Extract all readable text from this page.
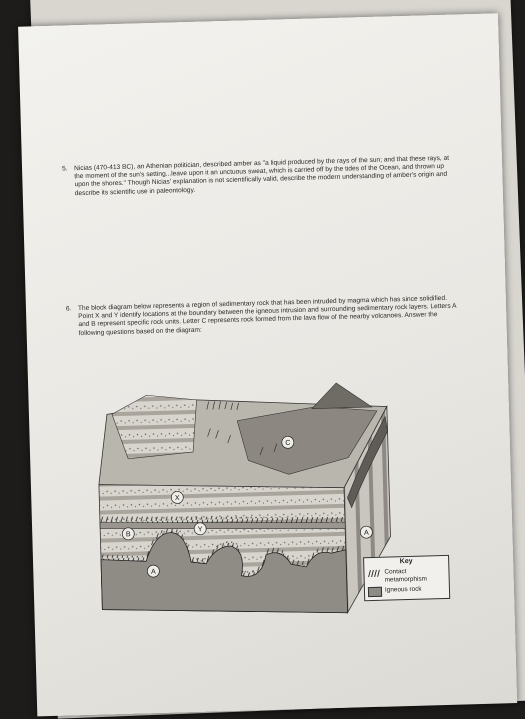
5. Nicias (470-413 BC), an Athenian politician, described amber as "a liquid produced by the rays of the sun; and that these rays, at the moment of the sun's setting...leave upon it an unctuous sweat, which is carried off by the tides of the Ocean, and thrown up upon the shores." Though Nicias' explanation is not scientifically valid, describe the modern understanding of amber's origin and describe its scientific use in paleontology.
6. The block diagram below represents a region of sedimentary rock that has been intruded by magma which has since solidified. Point X and Y identify locations at the boundary between the igneous intrusion and surrounding sedimentary rock layers. Letters A and B represent specific rock units. Letter C represents rock formed from the lava flow of the nearby volcanoes. Answer the following questions based on the diagram:
C
X
Y
B
A
A
Key
Contact metamorphism
Igneous rock
